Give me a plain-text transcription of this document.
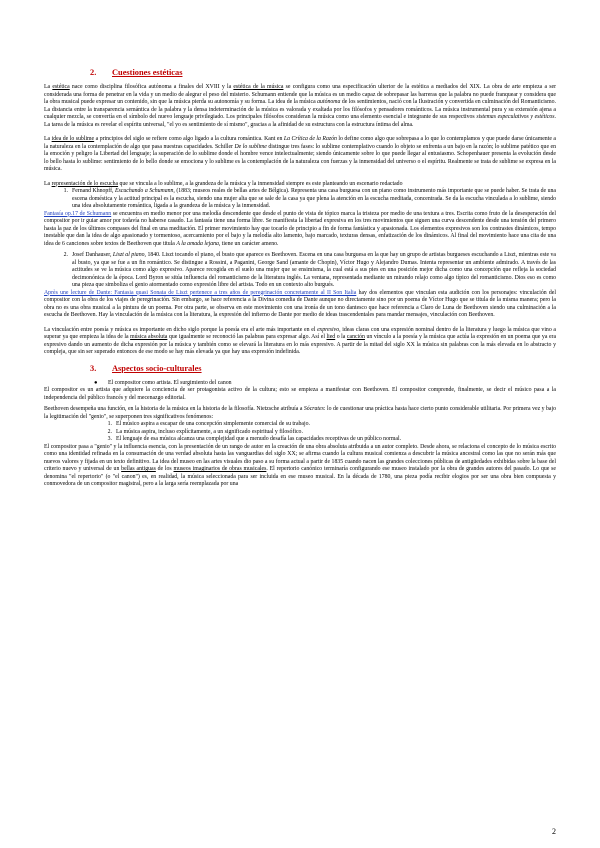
2.	Cuestiones estéticas

La estética nace como disciplina filosófica autónoma a finales del XVIII y la estética de la música se configura como una especificación ulterior de la estética a mediados del XIX. La obra de arte empieza a ser considerada una forma de penetrar en la vida y un medio de alegrar el peso del misterio. Schumann entiende que la música es un medio capaz de sobrepasar las barreras que la palabra no puede franquear y considera que la obra musical puede expresar un contenido, sin que la música pierda su autonomía y su forma. La idea de la música autónoma de los sentimientos, nació con la Ilustración y convertida en culminación del Romanticismo. La distancia entre la transparencia semántica de la palabra y la densa indeterminación de la música es valorada y exaltada por los filósofos y pensadores románticos. La música instrumental pura y su extensión ajena a cualquier mezcla, se convertía en el símbolo del nuevo lenguaje privilegiado. Los principales filósofos consideran la música como una elemento esencial e integrante de sus respectivos sistemas especulativos y estéticos. La tarea de la música es revelar el espíritu universal, "el yo es sentimiento de sí mismo", gracias a la afinidad de su estructura con la estructura íntima del alma.

La idea de lo sublime a principios del siglo se refiere como algo ligado a la cultura romántica. Kant en La Crítica de la Razón lo define como algo que sobrepasa a lo que lo contemplamos y que puede darse únicamente a la naturaleza en la contemplación de algo que pasa nuestras capacidades. Schiller De lo sublime distingue tres fases: lo sublime contemplativo cuando lo objeto se enfrenta a un bajo en la razón; lo sublime patético que en la emoción y peligro la Libertad del lenguaje; la superación de lo sublime donde el hombre vence intelectualmente; siendo únicamente sobre lo que puede llegar al entusiasmo. Schopenhauer presenta la evolución desde lo bello hasta lo sublime: sentimiento de lo bello donde se emociona y lo sublime es la contemplación de la naturaleza con fuerzas y la inmensidad del universo o el espíritu. Realmente se trata de sublime se expresa en la música.

La representación de lo escucha que se vincula a lo sublime, a la grandeza de la música y la inmensidad siempre es este planteando un escenario redactado

1. Fernand Khnopff, Escuchando a Schumann, (1883; museos reales de bellas artes de Bélgica). Representa una casa burguesa con un piano como instrumento más importante que se puede haber. Se trata de una escena doméstica y la actitud principal es la escucha, siendo una mujer alta que se sale de la casa ya que plena la atención en la escucha meditada, concentrada. Se da la escucha vinculada a lo sublime, siendo una idea absolutamente romántica, ligada a la grandeza de la música y la inmensidad.

Fantasía op.17 de Schumann se encuentra en medio menor por una melodía descendente que desde el punto de vista de tópico marca la tristeza por medio de una textura a tres. Escrita como fruto de la desesperación del compositor por ir guiar amor por todavía no haberse casado. La fantasía tiene una forma libre. Se manifiesta la libertad expresiva en los tres movimientos que siguen una curva descendente desde una tensión del primero hasta la paz de los últimos compases del final en una meditación. El primer movimiento hay que tocarlo de principio a fin de forma fantástica y apasionada. Los elementos expresivos son los contrastes dinámicos, tempo inestable que dan la idea de algo apasionado y tormentoso, acercamiento por el bajo y la melodía alto lamento, bajo marcado, texturas densas, enfatización de los dinámicos. Al final del movimiento hace una cita de una idea de 6 canciones sobre textos de Beethoven que titula A la amada lejana, tiene un carácter ameno.

2. Josef Danhauser, Liszt al piano, 1840. Liszt tocando el piano, el busto que aparece es Beethoven. Escena en una casa burguesa en la que hay un grupo de artistas burgueses escuchando a Liszt, mientras este va al busto, ya que se fue a un fin romántico. Se distingue a Rossini, a Paganini, George Sand (amante de Chopin), Víctor Hugo y Alejandro Dumas. Intenta representar un ambiente admirado. A través de las actitudes se ve la música como algo expresivo. Aparece recogida en el suelo una mujer que se ensimisma, la cual está a sus pies en una posición mejor dicha como una concepción que refleja la sociedad decimonónica de la época. Lord Byron se sitúa influencia del romanticismo de la literatura inglés. La ventana, representada mediante un mirando relajo como algo típico del romanticismo. Dios eso es como una pieza que simboliza el genio atormentado como expresión libre del artista. Todo en un contexto alto burgués.

Après une lecture de Dante: Fantasia quasi Sonata de Liszt pertenece a tres años de peregrinación concretamente al II Son Italia hay dos elementos que vinculan esta audición con los personajes: vinculación del compositor con la obra de los viajes de peregrinación. Sin embargo, se hace referencia a la Divina comedia de Dante aunque no directamente sino por un poema de Víctor Hugo que se titula de la misma manera; pero la obra no es una obra musical a la pintura de un poema. Por otra parte, se observa en este movimiento con una ironía de un tono dantesco que hace referencia a Claro de Luna de Beethoven siendo una culminación a la escucha de Beethoven. Hay la vinculación de la música con la literatura, la expresión del infierno de Dante por medio de ideas trascendentales para mandar mensajes, vinculación con Beethoven.

La vinculación entre poesía y música es importante en dicho siglo porque la poesía era el arte más importante en el expresivo, ideas claras con una expresión nominal dentro de la literatura y luego la música que vino a superar ya que empieza la idea de la música absoluta que igualmente se reconoció las palabras para expresar algo. Así el lied o la canción un vínculo a la poesía y la música que actúa la expresión en un poema que ya era expresivo dando un aumento de dicha expresión por la música y también como se elevará la literatura en lo más expresivo. A partir de la mitad del siglo XX la música sin palabras con la más elevada en lo abstracto y compleja, que sin ser superado entonces de ese modo se hay más elevada ya que hay una expresión indefinida.

3.	Aspectos socio-culturales
●	El compositor como artista. El surgimiento del canon

El compositor es un artista que adquiere la conciencia de ser protagonista activo de la cultura; esto se empieza a manifestar con Beethoven. El compositor comprende, finalmente, se decir el músico pasa a la independencia del público francés y del mecenazgo editorial.

Beethoven desempeña una función, en la historia de la música en la historia de la filosofía. Nietzsche atribuía a Sócrates: lo de cuestionar una práctica hasta hace cierto punto considerable utilitaria. Por primera vez y bajo la legitimación del "genio", se superponen tres significativos fenómenos:

1. El músico aspira a escapar de una concepción simplemente comercial de su trabajo.
2. La música aspira, incluso explícitamente, a un significado espiritual y filosófico.
3. El lenguaje de esa música alcanza una complejidad que a menudo desafía las capacidades receptivas de un público normal.

El compositor pasa a "genio" y la influencia esencia, con la presentación de un rango de autor en la creación de una obra absoluta atribuida a un autor completo. Desde ahora, se relaciona el concepto de lo música escrito como una identidad refinada en la consumación de una verdad absoluta hasta las vanguardias del siglo XX; se afirma cuando la cultura musical comienza a descubrir la música ancestral como las que no serán más que nuevos valores y fijada en un texto definitivo. La idea del museo en las artes visuales dio paso a su forma actual a partir de 1835 cuando nacen las grandes colecciones públicas de antigüedades exhibidas sobre la base del criterio nuevo y universal de un bellas antiguas de los museos imaginarios de obras musicales. El repertorio canónico terminaría configurando ese museo instalado por la obra de grandes autores del pasado. Lo que se denomina "el repertorio" (o "el canon") es, en realidad, la música seleccionada para ser incluida en ese museo musical. En la década de 1780, una pieza podía recibir elogios por ser una obra bien compuesta y conmovedora de un compositor magistral, pero a la larga sería reemplazada por una

2
